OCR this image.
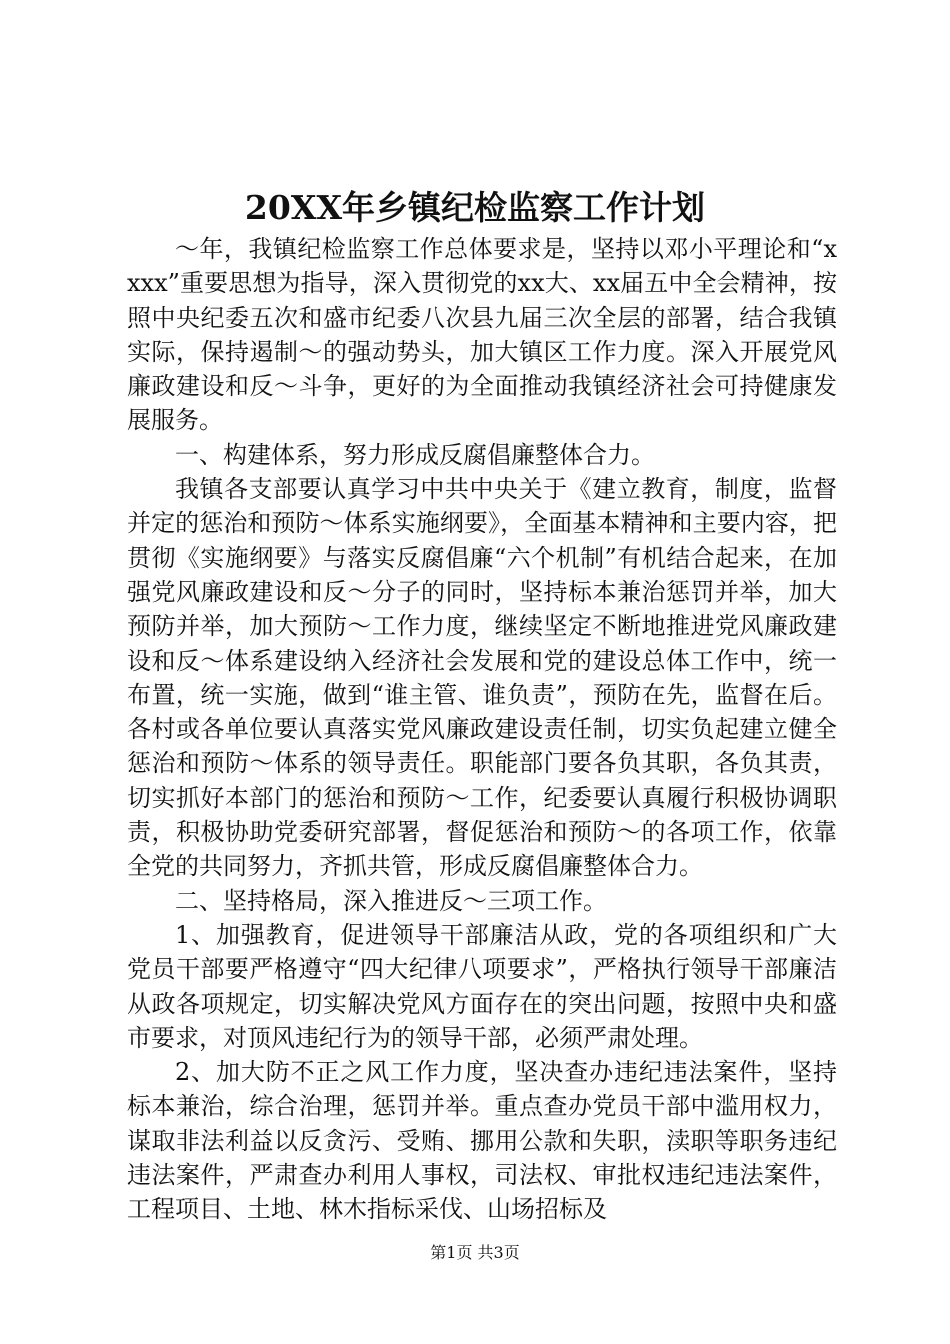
20XX年乡镇纪检监察工作计划

～年，我镇纪检监察工作总体要求是，坚持以邓小平理论和“xxxx”重要思想为指导，深入贯彻党的xx大、xx届五中全会精神，按照中央纪委五次和盛市纪委八次县九届三次全层的部署，结合我镇实际，保持遏制～的强动势头，加大镇区工作力度。深入开展党风廉政建设和反～斗争，更好的为全面推动我镇经济社会可持健康发展服务。

一、构建体系，努力形成反腐倡廉整体合力。

我镇各支部要认真学习中共中央关于《建立教育，制度，监督并定的惩治和预防～体系实施纲要》，全面基本精神和主要内容，把贯彻《实施纲要》与落实反腐倡廉“六个机制”有机结合起来，在加强党风廉政建设和反～分子的同时，坚持标本兼治惩罚并举，加大预防并举，加大预防～工作力度，继续坚定不断地推进党风廉政建设和反～体系建设纳入经济社会发展和党的建设总体工作中，统一布置，统一实施，做到“谁主管、谁负责”，预防在先，监督在后。各村或各单位要认真落实党风廉政建设责任制，切实负起建立健全惩治和预防～体系的领导责任。职能部门要各负其职，各负其责，切实抓好本部门的惩治和预防～工作，纪委要认真履行积极协调职责，积极协助党委研究部署，督促惩治和预防～的各项工作，依靠全党的共同努力，齐抓共管，形成反腐倡廉整体合力。

二、坚持格局，深入推进反～三项工作。

1、加强教育，促进领导干部廉洁从政，党的各项组织和广大党员干部要严格遵守“四大纪律八项要求”，严格执行领导干部廉洁从政各项规定，切实解决党风方面存在的突出问题，按照中央和盛市要求，对顶风违纪行为的领导干部，必须严肃处理。

2、加大防不正之风工作力度，坚决查办违纪违法案件，坚持标本兼治，综合治理，惩罚并举。重点查办党员干部中滥用权力，谋取非法利益以反贪污、受贿、挪用公款和失职，渎职等职务违纪违法案件，严肃查办利用人事权，司法权、审批权违纪违法案件，工程项目、土地、林木指标采伐、山场招标及

第1页 共3页
